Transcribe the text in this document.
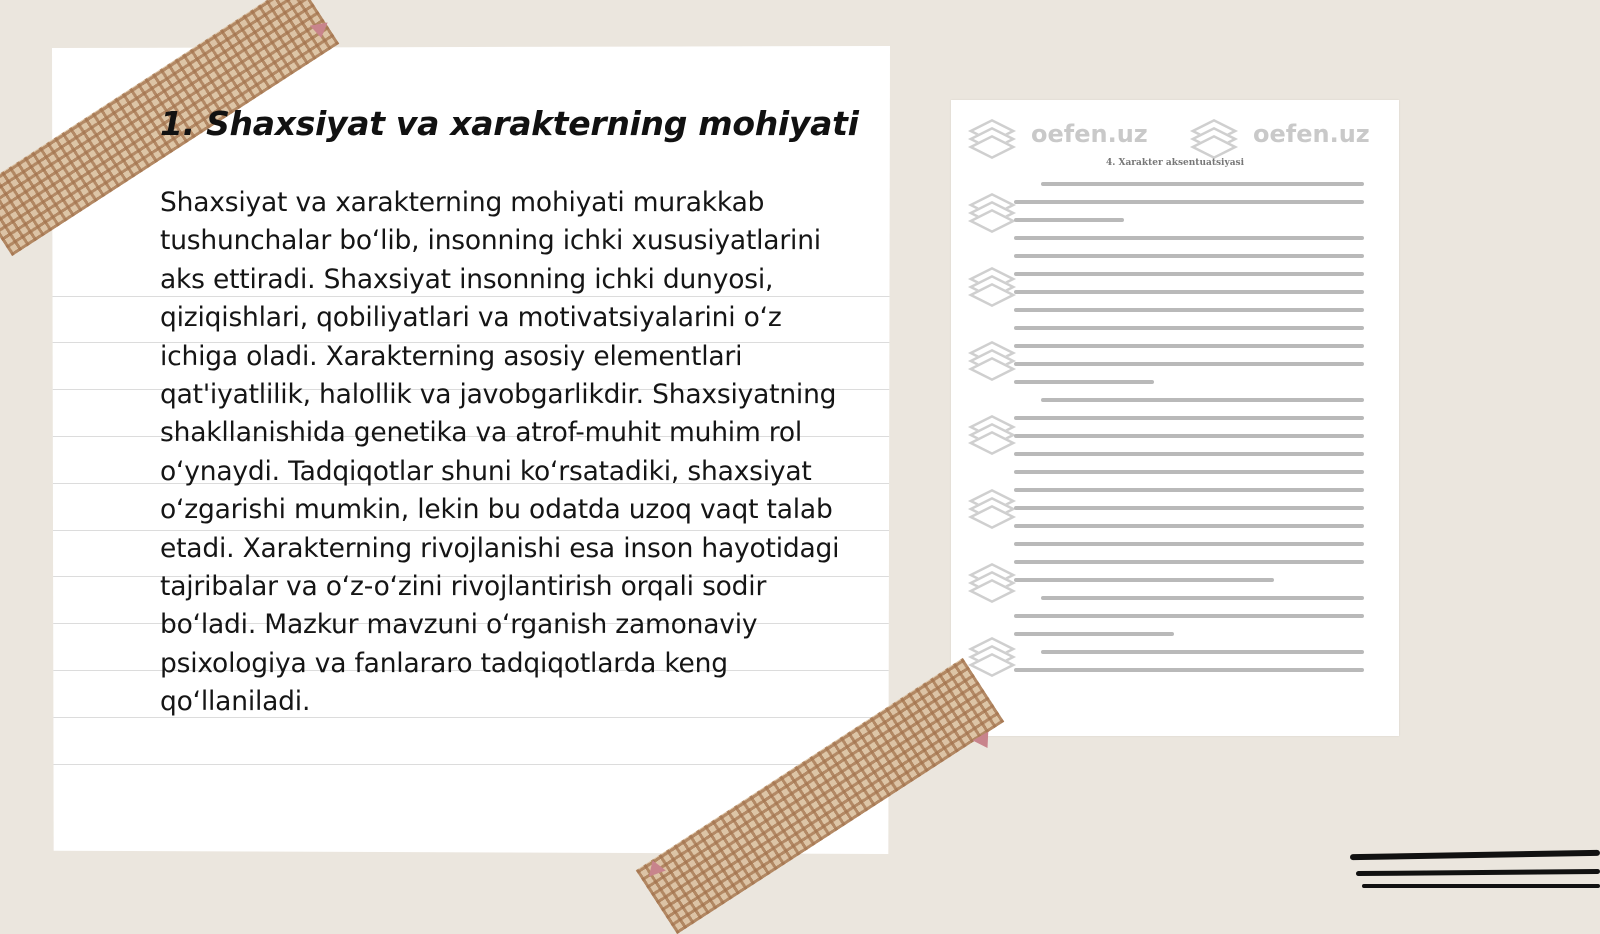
1. Shaxsiyat va xarakterning mohiyati

Shaxsiyat va xarakterning mohiyati murakkab tushunchalar bo‘lib, insonning ichki xususiyatlarini aks ettiradi. Shaxsiyat insonning ichki dunyosi, qiziqishlari, qobiliyatlari va motivatsiyalarini o‘z ichiga oladi. Xarakterning asosiy elementlari qat'iyatlilik, halollik va javobgarlikdir. Shaxsiyatning shakllanishida genetika va atrof-muhit muhim rol o‘ynaydi. Tadqiqotlar shuni ko‘rsatadiki, shaxsiyat o‘zgarishi mumkin, lekin bu odatda uzoq vaqt talab etadi. Xarakterning rivojlanishi esa inson hayotidagi tajribalar va o‘z-o‘zini rivojlantirish orqali sodir bo‘ladi. Mazkur mavzuni o‘rganish zamonaviy psixologiya va fanlararo tadqiqotlarda keng qo‘llaniladi.

oefen.uz	oefen.uz

4. Xarakter aksentuatsiyasi
